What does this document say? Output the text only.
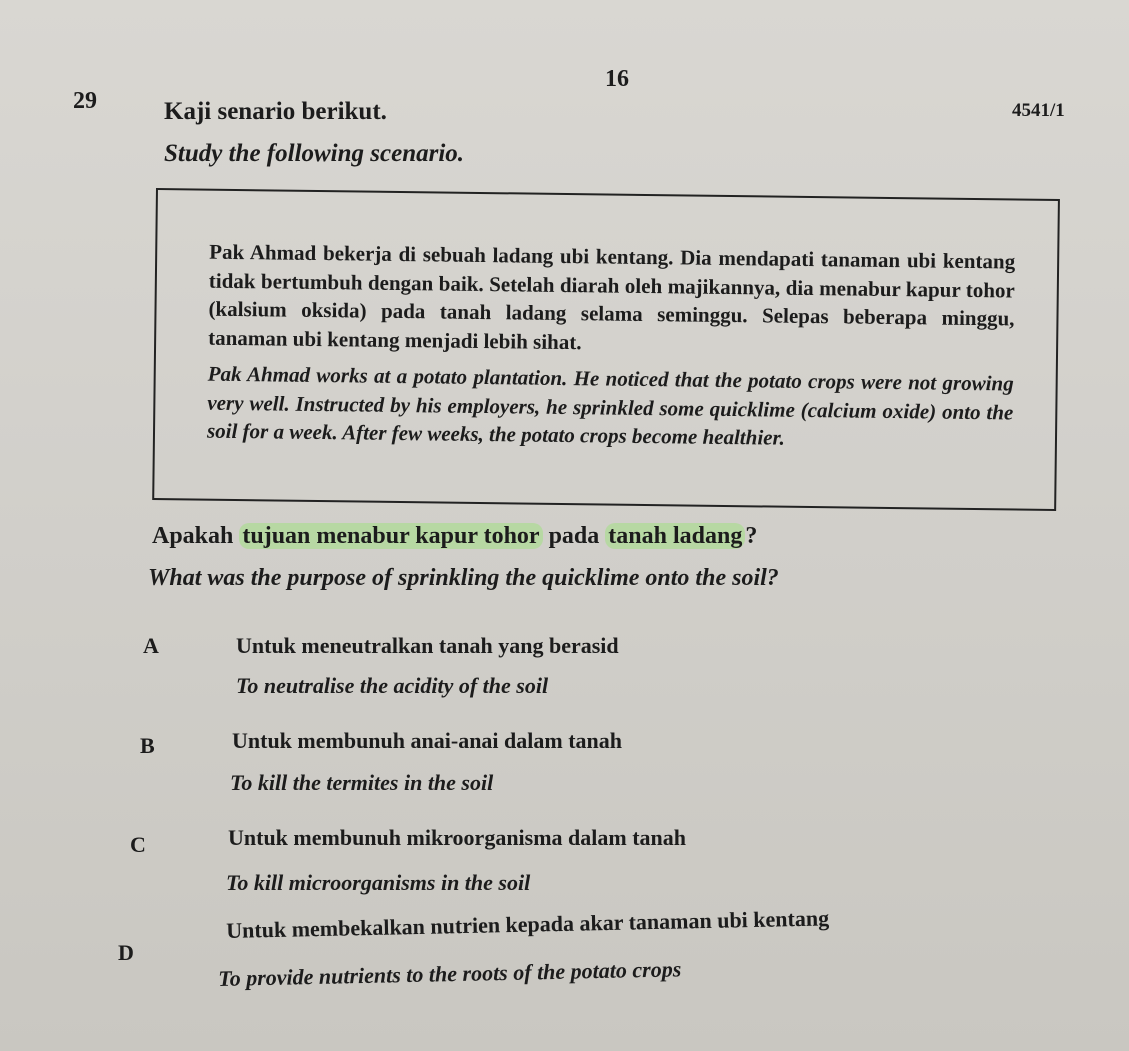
16

4541/1

29	Kaji senario berikut.

Study the following scenario.

Pak Ahmad bekerja di sebuah ladang ubi kentang. Dia mendapati tanaman ubi kentang tidak bertumbuh dengan baik. Setelah diarah oleh majikannya, dia menabur kapur tohor (kalsium oksida) pada tanah ladang selama seminggu. Selepas beberapa minggu, tanaman ubi kentang menjadi lebih sihat.

Pak Ahmad works at a potato plantation. He noticed that the potato crops were not growing very well. Instructed by his employers, he sprinkled some quicklime (calcium oxide) onto the soil for a week. After few weeks, the potato crops become healthier.

Apakah tujuan menabur kapur tohor pada tanah ladang ?

What was the purpose of sprinkling the quicklime onto the soil?

A	Untuk meneutralkan tanah yang berasid
To neutralise the acidity of the soil
B	Untuk membunuh anai-anai dalam tanah
To kill the termites in the soil
C	Untuk membunuh mikroorganisma dalam tanah
To kill microorganisms in the soil
D
Untuk membekalkan nutrien kepada akar tanaman ubi kentang
To provide nutrients to the roots of the potato crops
